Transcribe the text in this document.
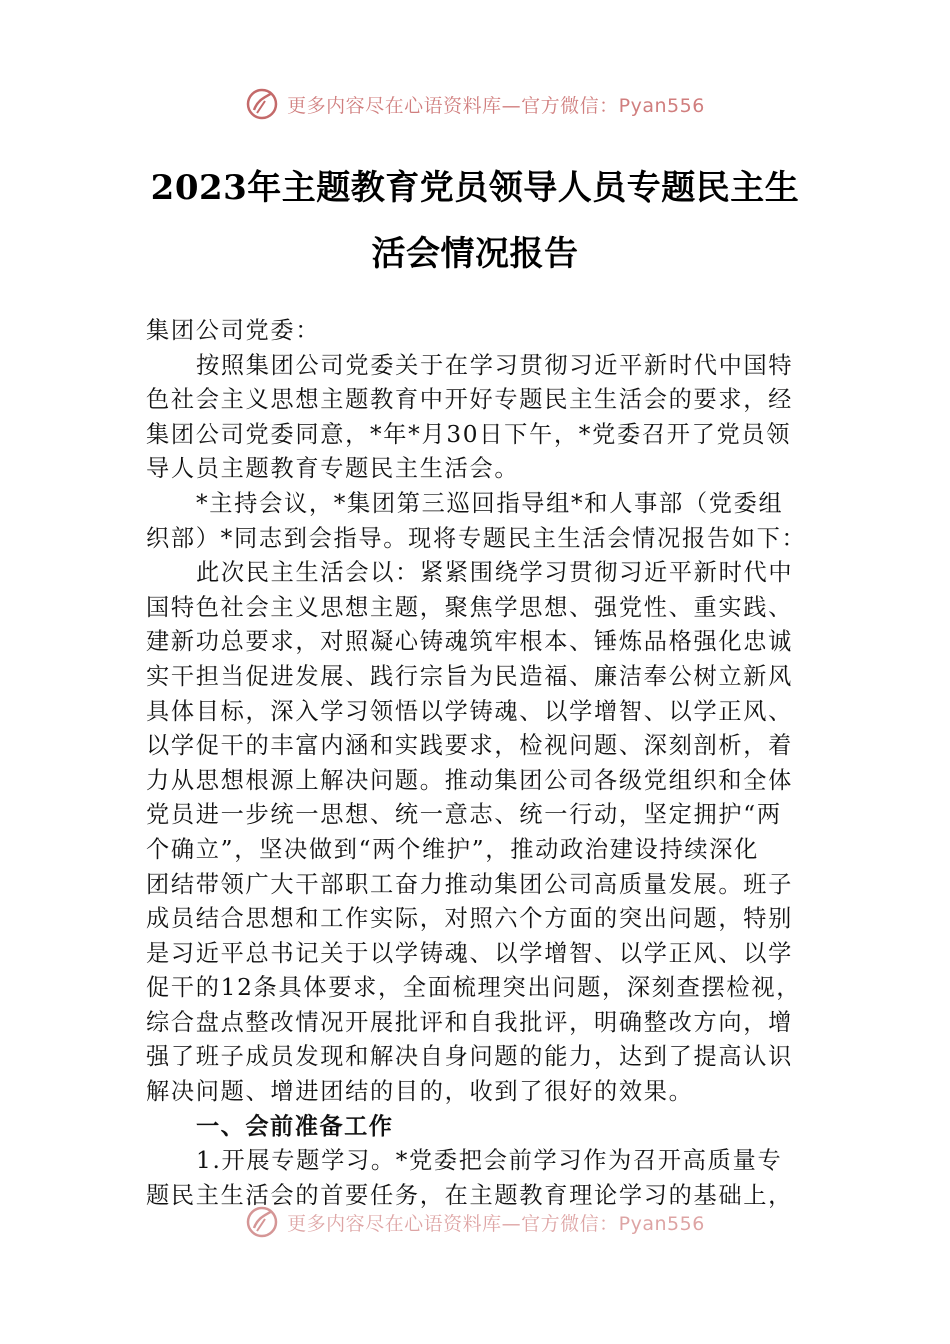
更多内容尽在心语资料库—官方微信：Pyan556
2023年主题教育党员领导人员专题民主生
活会情况报告
集团公司党委：
按照集团公司党委关于在学习贯彻习近平新时代中国特
色社会主义思想主题教育中开好专题民主生活会的要求，经
集团公司党委同意，*年*月30日下午，*党委召开了党员领
导人员主题教育专题民主生活会。
*主持会议，*集团第三巡回指导组*和人事部（党委组
织部）*同志到会指导。现将专题民主生活会情况报告如下：
此次民主生活会以：紧紧围绕学习贯彻习近平新时代中
国特色社会主义思想主题，聚焦学思想、强党性、重实践、
建新功总要求，对照凝心铸魂筑牢根本、锤炼品格强化忠诚
实干担当促进发展、践行宗旨为民造福、廉洁奉公树立新风
具体目标，深入学习领悟以学铸魂、以学增智、以学正风、
以学促干的丰富内涵和实践要求，检视问题、深刻剖析，着
力从思想根源上解决问题。推动集团公司各级党组织和全体
党员进一步统一思想、统一意志、统一行动，坚定拥护“两
个确立”，坚决做到“两个维护”，推动政治建设持续深化
团结带领广大干部职工奋力推动集团公司高质量发展。班子
成员结合思想和工作实际，对照六个方面的突出问题，特别
是习近平总书记关于以学铸魂、以学增智、以学正风、以学
促干的12条具体要求，全面梳理突出问题，深刻查摆检视，
综合盘点整改情况开展批评和自我批评，明确整改方向，增
强了班子成员发现和解决自身问题的能力，达到了提高认识
解决问题、增进团结的目的，收到了很好的效果。
一、会前准备工作
1.开展专题学习。*党委把会前学习作为召开高质量专
题民主生活会的首要任务，在主题教育理论学习的基础上，
更多内容尽在心语资料库—官方微信：Pyan556
